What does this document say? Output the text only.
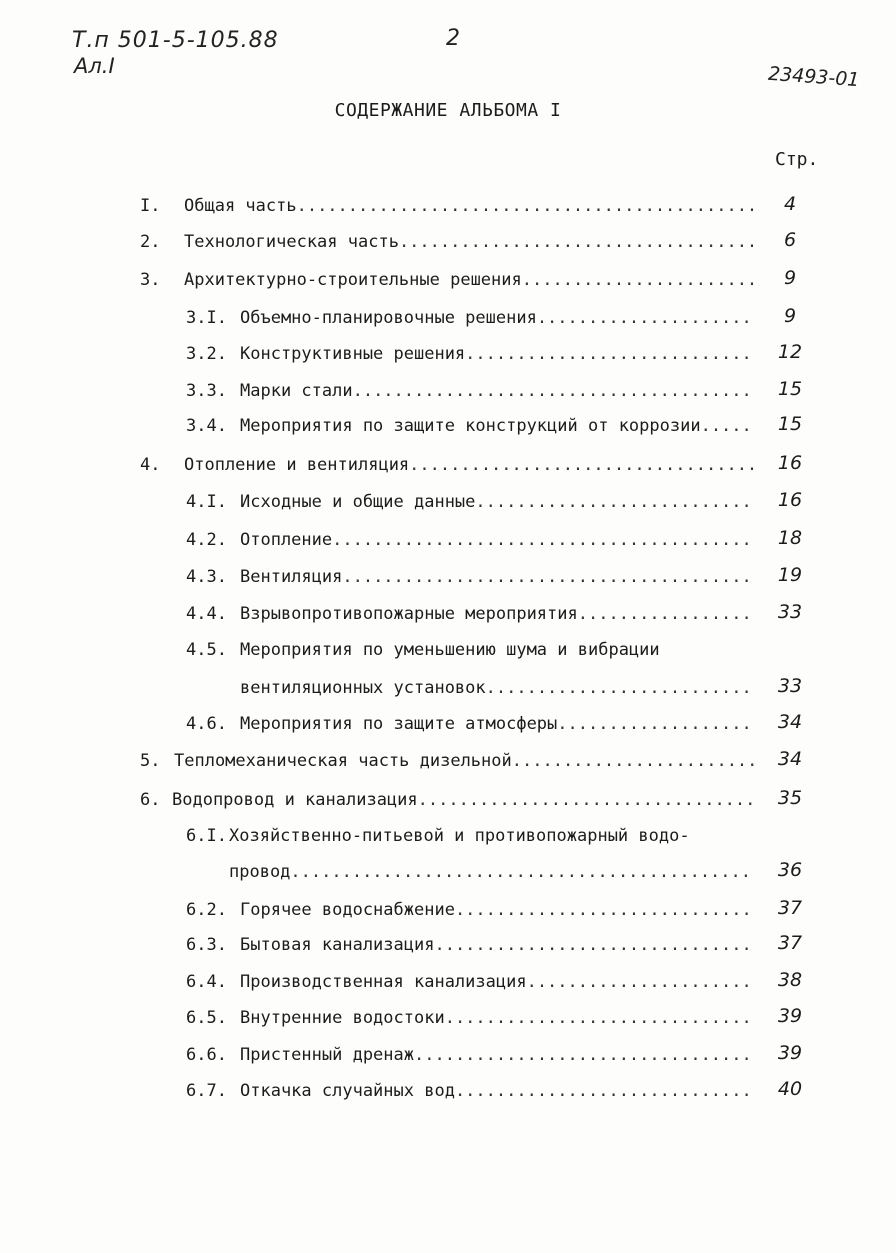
Т.п 501-5-105.88
Ал.I
2
23493-01
СОДЕРЖАНИЕ АЛЬБОМА I
Стр.
I. Общая часть .....	4
2. Технологическая часть .....	6
3. Архитектурно-строительные решения .....	9
3.I. Объемно-планировочные решения .....	9
3.2. Конструктивные решения .....	12
3.3. Марки стали .....	15
3.4. Мероприятия по защите конструкций от коррозии .....	15
4. Отопление и вентиляция .....	16
4.I. Исходные и общие данные .....	16
4.2. Отопление .....	18
4.3. Вентиляция .....	19
4.4. Взрывопротивопожарные мероприятия .....	33
4.5. Мероприятия по уменьшению шума и вибрации
вентиляционных установок .....	33
4.6. Мероприятия по защите атмосферы .....	34
5. Тепломеханическая часть дизельной .....	34
6. Водопровод и канализация .....	35
6.I. Хозяйственно-питьевой и противопожарный водо-
провод .....	36
6.2. Горячее водоснабжение .....	37
6.3. Бытовая канализация .....	37
6.4. Производственная канализация .....	38
6.5. Внутренние водостоки .....	39
6.6. Пристенный дренаж .....	39
6.7. Откачка случайных вод .....	40
